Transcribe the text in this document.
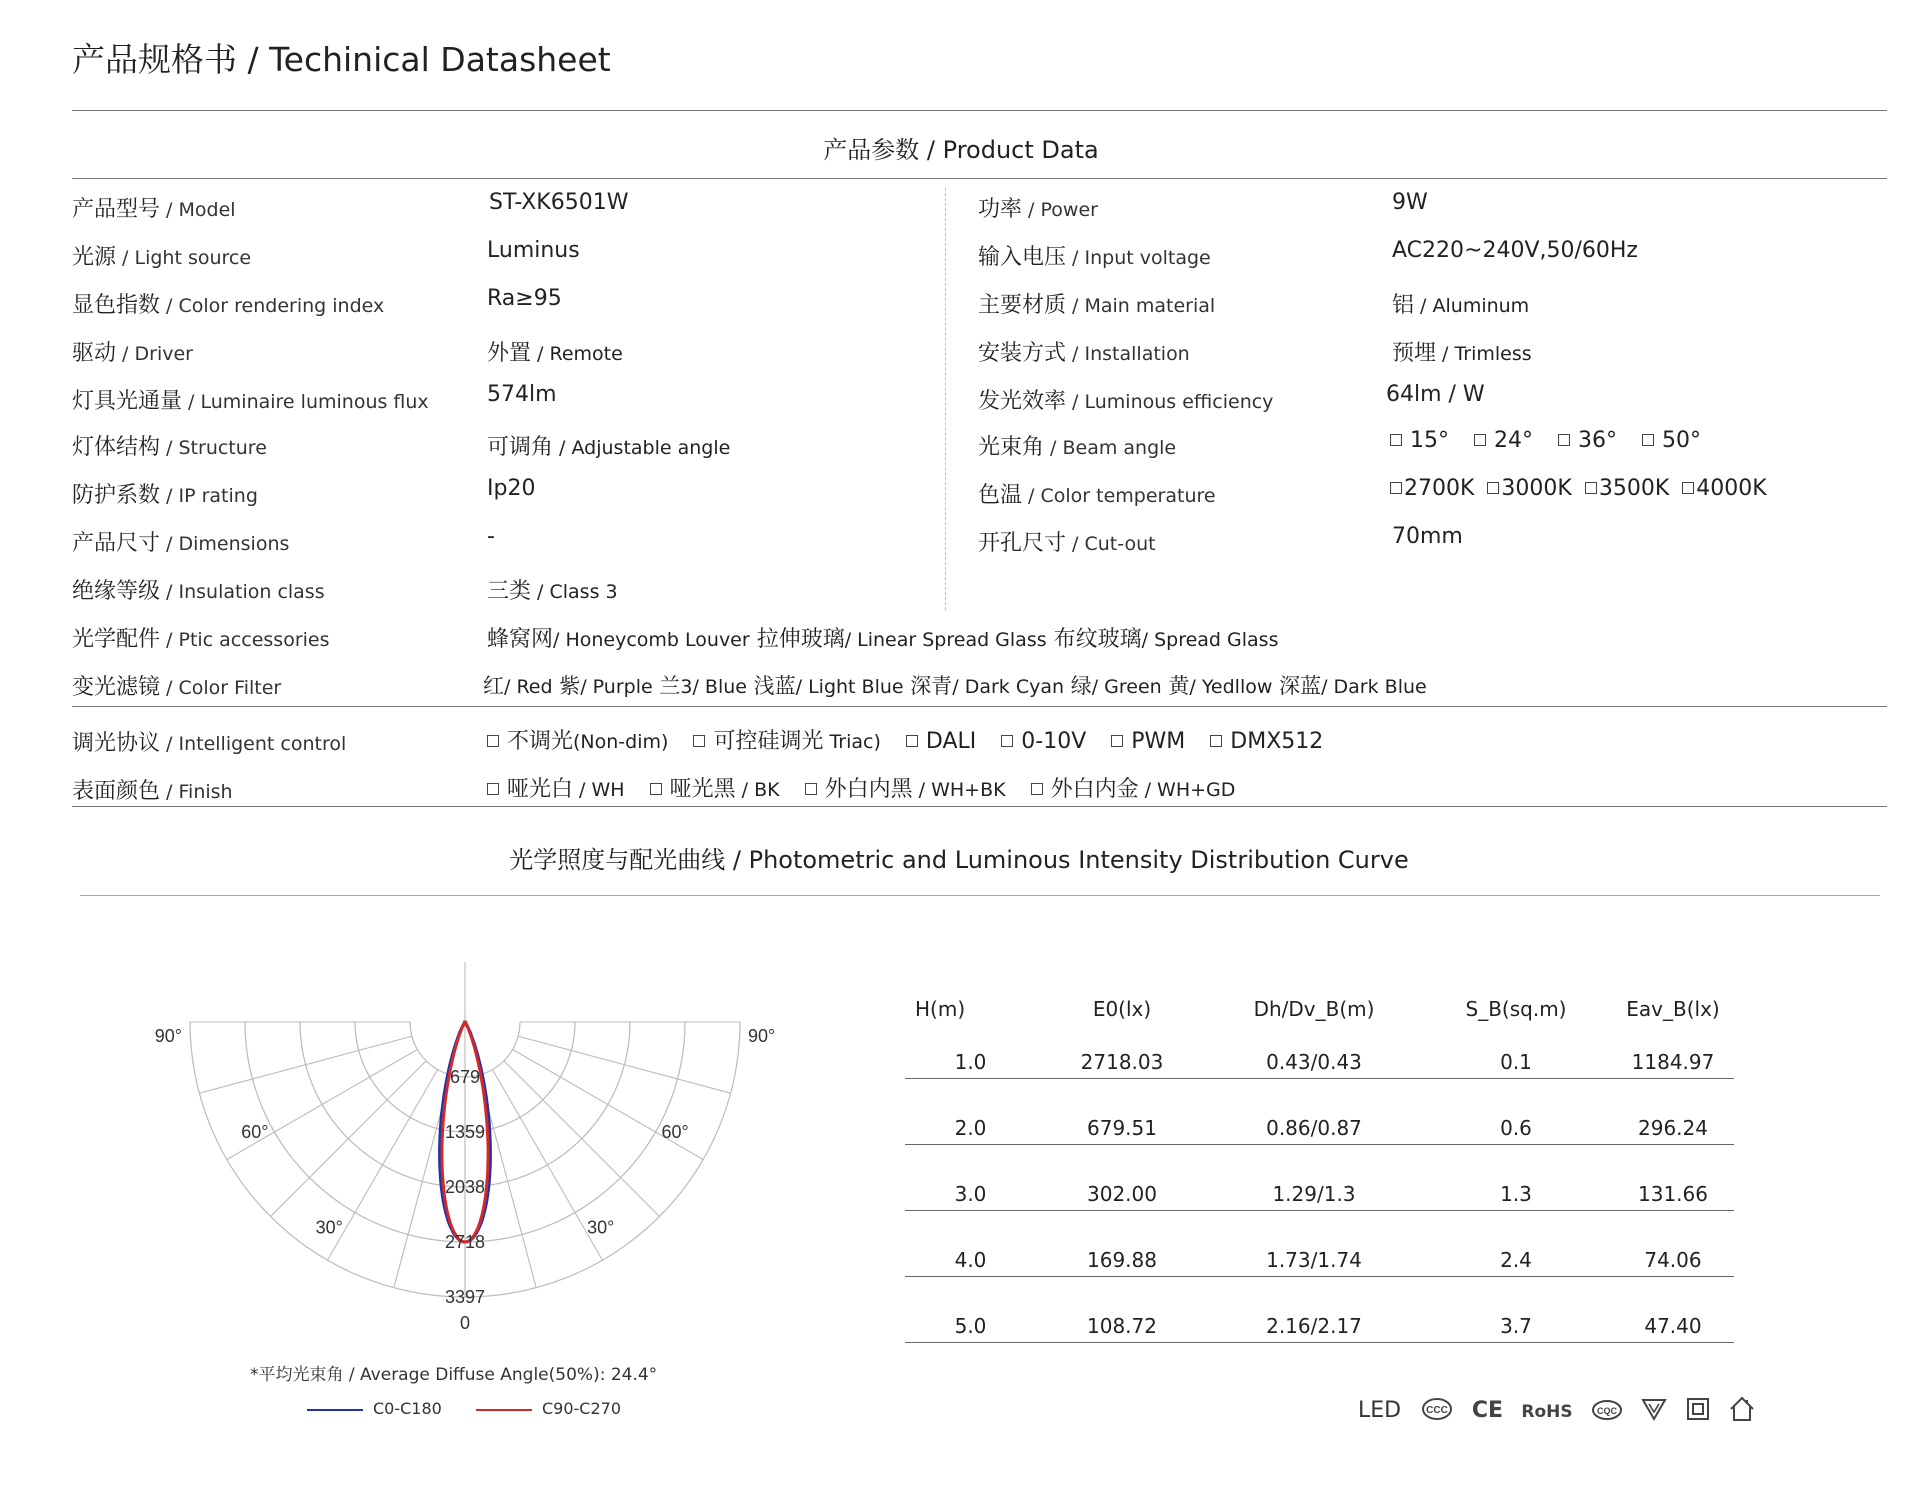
产品规格书 / Techinical Datasheet
产品参数 / Product Data
产品型号 / Model	ST-XK6501W
光源 / Light source	Luminus
显色指数 / Color rendering index	Ra≥95
驱动 / Driver	外置 / Remote
灯具光通量 / Luminaire luminous flux	574lm
灯体结构 / Structure	可调角 / Adjustable angle
防护系数 / IP rating	Ip20
产品尺寸 / Dimensions	-
绝缘等级 / Insulation class	三类 / Class 3
功率 / Power	9W
输入电压 / Input voltage	AC220~240V,50/60Hz
主要材质 / Main material	铝 / Aluminum
安装方式 / Installation	预埋 / Trimless
发光效率 / Luminous efficiency	64lm / W
光束角 / Beam angle	15° 24° 36° 50°
色温 / Color temperature	2700K 3000K 3500K 4000K
开孔尺寸 / Cut-out	70mm
光学配件 / Ptic accessories	蜂窝网/ Honeycomb Louver 拉伸玻璃/ Linear Spread Glass 布纹玻璃/ Spread Glass
变光滤镜 / Color Filter	红/ Red 紫/ Purple 兰3/ Blue 浅蓝/ Light Blue 深青/ Dark Cyan 绿/ Green 黄/ Yedllow 深蓝/ Dark Blue
调光协议 / Intelligent control	不调光(Non-dim) 可控硅调光 Triac) DALI 0-10V PWM DMX512
表面颜色 / Finish	哑光白 / WH 哑光黑 / BK 外白内黑 / WH+BK 外白内金 / WH+GD
光学照度与配光曲线 / Photometric and Luminous Intensity Distribution Curve
679
1359
2038
2718
3397
90°	90°
60°	60°
30°	30°
0
*平均光束角 / Average Diffuse Angle(50%): 24.4°
C0-C180	C90-C270
H(m)	E0(lx)	Dh/Dv_B(m)	S_B(sq.m)	Eav_B(lx)
1.0	2718.03	0.43/0.43	0.1	1184.97
2.0	679.51	0.86/0.87	0.6	296.24
3.0	302.00	1.29/1.3	1.3	131.66
4.0	169.88	1.73/1.74	2.4	74.06
5.0	108.72	2.16/2.17	3.7	47.40
LED	CCC CE RoHS	CQC
